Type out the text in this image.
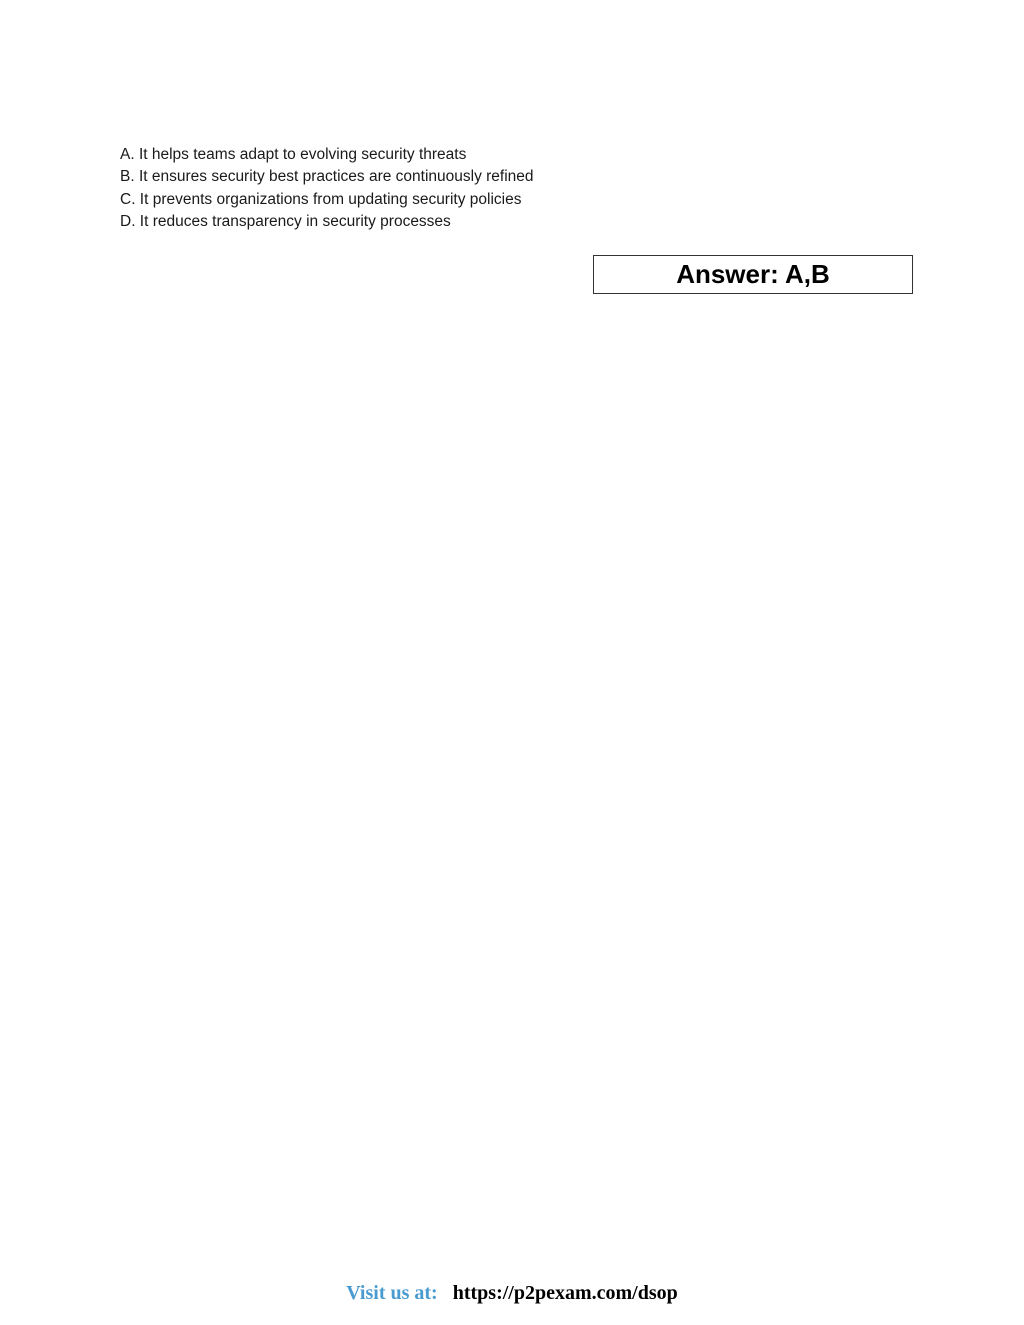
A. It helps teams adapt to evolving security threats
B. It ensures security best practices are continuously refined
C. It prevents organizations from updating security policies
D. It reduces transparency in security processes
Answer: A,B
Visit us at: https://p2pexam.com/dsop
